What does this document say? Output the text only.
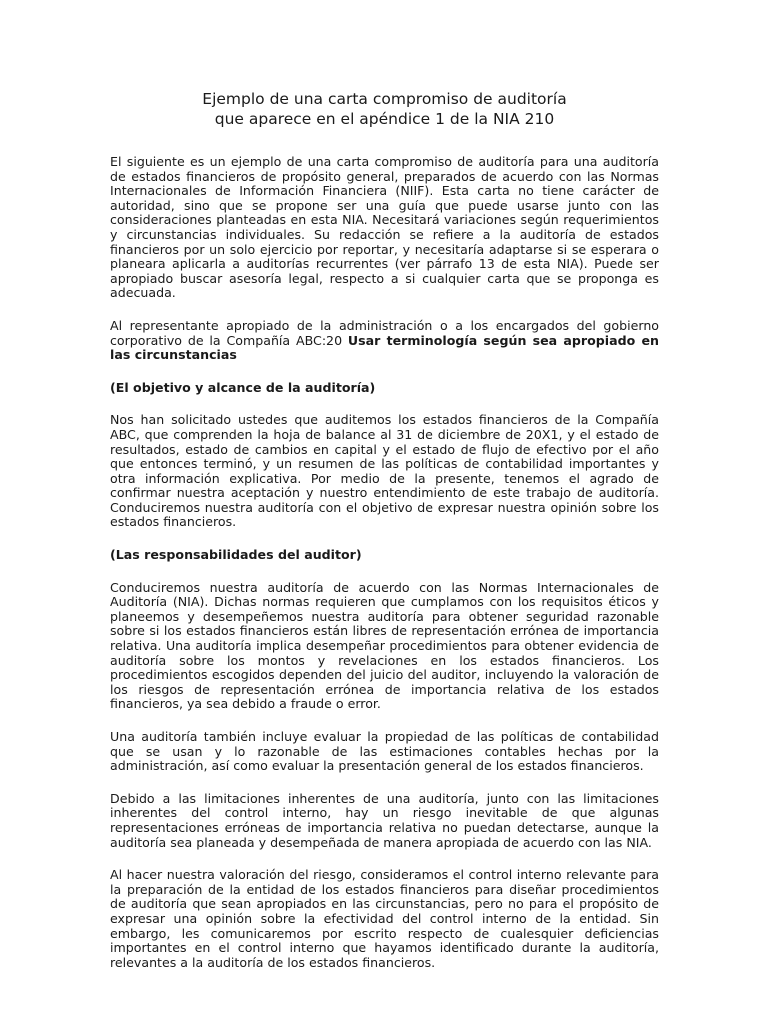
Ejemplo de una carta compromiso de auditoría
que aparece en el apéndice 1 de la NIA 210

El siguiente es un ejemplo de una carta compromiso de auditoría para una auditoría de estados financieros de propósito general, preparados de acuerdo con las Normas Internacionales de Información Financiera (NIIF). Esta carta no tiene carácter de autoridad, sino que se propone ser una guía que puede usarse junto con las consideraciones planteadas en esta NIA. Necesitará variaciones según requerimientos y circunstancias individuales. Su redacción se refiere a la auditoría de estados financieros por un solo ejercicio por reportar, y necesitaría adaptarse si se esperara o planeara aplicarla a auditorías recurrentes (ver párrafo 13 de esta NIA). Puede ser apropiado buscar asesoría legal, respecto a si cualquier carta que se proponga es adecuada.

Al representante apropiado de la administración o a los encargados del gobierno corporativo de la Compañía ABC:20 Usar terminología según sea apropiado en las circunstancias

(El objetivo y alcance de la auditoría)

Nos han solicitado ustedes que auditemos los estados financieros de la Compañía ABC, que comprenden la hoja de balance al 31 de diciembre de 20X1, y el estado de resultados, estado de cambios en capital y el estado de flujo de efectivo por el año que entonces terminó, y un resumen de las políticas de contabilidad importantes y otra información explicativa. Por medio de la presente, tenemos el agrado de confirmar nuestra aceptación y nuestro entendimiento de este trabajo de auditoría. Conduciremos nuestra auditoría con el objetivo de expresar nuestra opinión sobre los estados financieros.

(Las responsabilidades del auditor)

Conduciremos nuestra auditoría de acuerdo con las Normas Internacionales de Auditoría (NIA). Dichas normas requieren que cumplamos con los requisitos éticos y planeemos y desempeñemos nuestra auditoría para obtener seguridad razonable sobre si los estados financieros están libres de representación errónea de importancia relativa. Una auditoría implica desempeñar procedimientos para obtener evidencia de auditoría sobre los montos y revelaciones en los estados financieros. Los procedimientos escogidos dependen del juicio del auditor, incluyendo la valoración de los riesgos de representación errónea de importancia relativa de los estados financieros, ya sea debido a fraude o error.

Una auditoría también incluye evaluar la propiedad de las políticas de contabilidad que se usan y lo razonable de las estimaciones contables hechas por la administración, así como evaluar la presentación general de los estados financieros.

Debido a las limitaciones inherentes de una auditoría, junto con las limitaciones inherentes del control interno, hay un riesgo inevitable de que algunas representaciones erróneas de importancia relativa no puedan detectarse, aunque la auditoría sea planeada y desempeñada de manera apropiada de acuerdo con las NIA.

Al hacer nuestra valoración del riesgo, consideramos el control interno relevante para la preparación de la entidad de los estados financieros para diseñar procedimientos de auditoría que sean apropiados en las circunstancias, pero no para el propósito de expresar una opinión sobre la efectividad del control interno de la entidad. Sin embargo, les comunicaremos por escrito respecto de cualesquier deficiencias importantes en el control interno que hayamos identificado durante la auditoría, relevantes a la auditoría de los estados financieros.
